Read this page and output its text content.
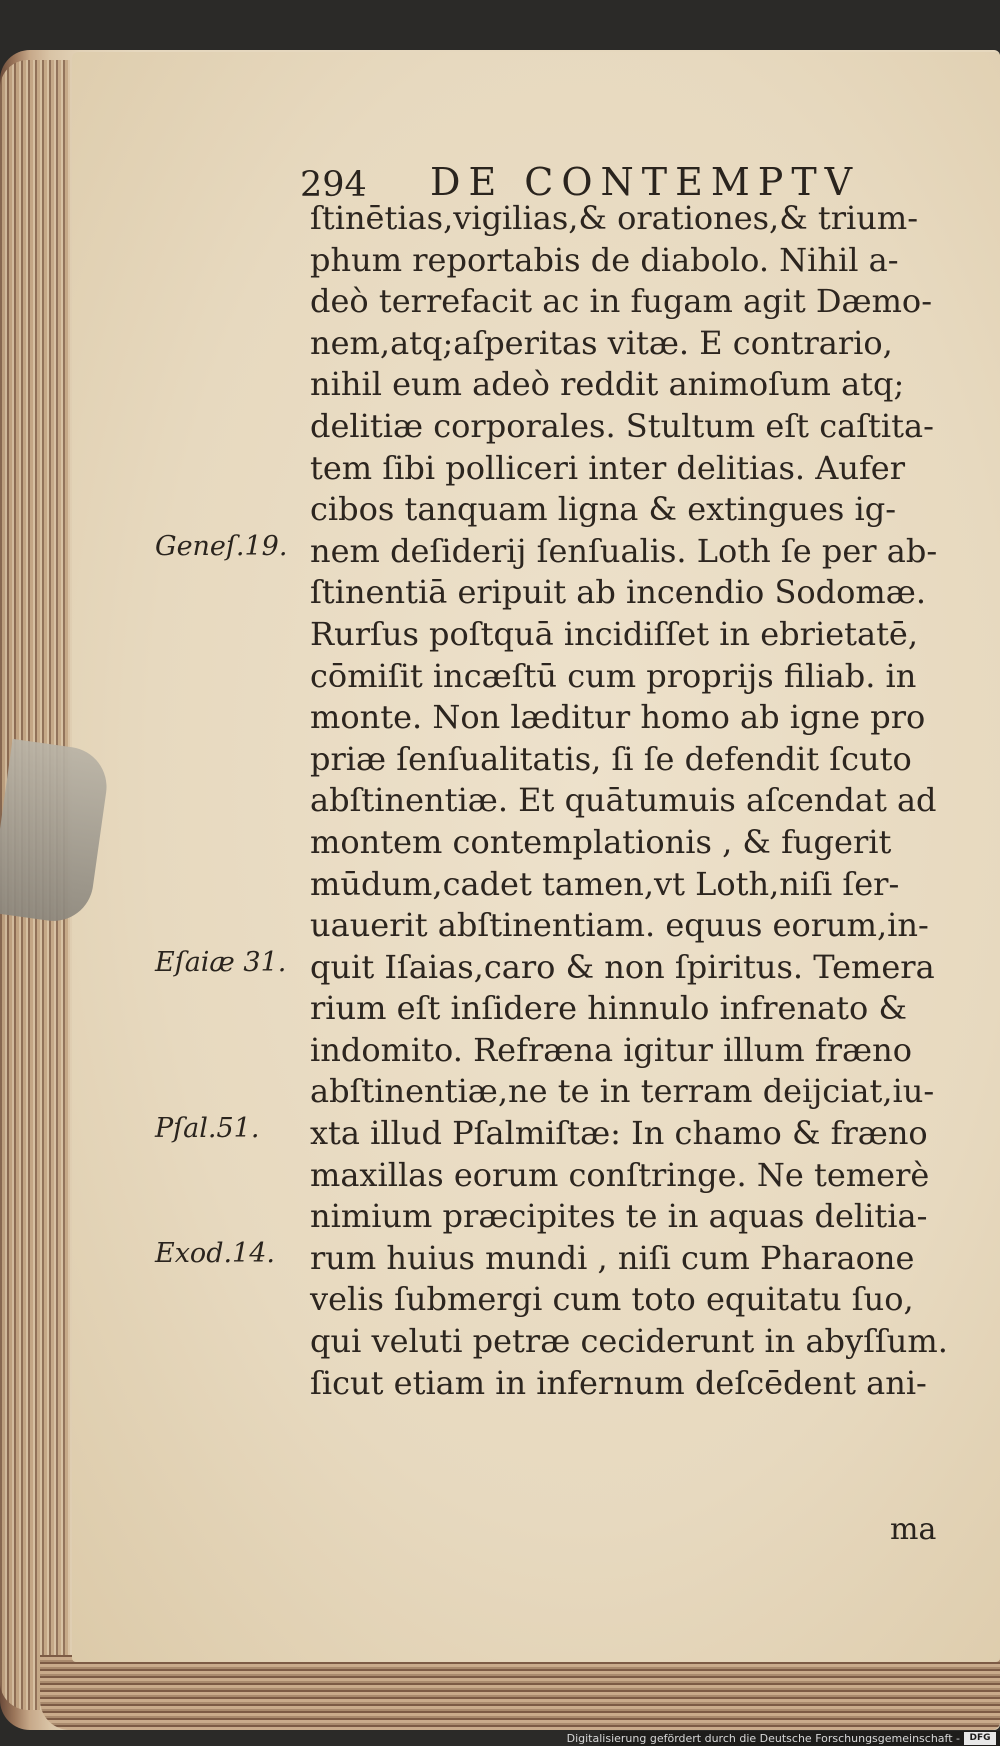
294 DE CONTEMPTV
ſtinētias,vigilias,& orationes,& trium-
phum reportabis de diabolo. Nihil a-
deò terrefacit ac in fugam agit Dæmo-
nem,atq;aſperitas vitæ. E contrario,
nihil eum adeò reddit animoſum atq;
delitiæ corporales. Stultum eſt caſtita-
tem ſibi polliceri inter delitias. Aufer
cibos tanquam ligna & extingues ig-
nem deſiderij ſenſualis. Loth ſe per ab-
ſtinentiā eripuit ab incendio Sodomæ.
Rurſus poſtquā incidiſſet in ebrietatē,
cōmiſit incæſtū cum proprijs filiab. in
monte. Non læditur homo ab igne pro
priæ ſenſualitatis, ſi ſe defendit ſcuto
abſtinentiæ. Et quātumuis aſcendat ad
montem contemplationis , & fugerit
mūdum,cadet tamen,vt Loth,niſi ſer-
uauerit abſtinentiam. equus eorum,in-
quit Iſaias,caro & non ſpiritus. Temera
rium eſt inſidere hinnulo infrenato &
indomito. Refræna igitur illum fræno
abſtinentiæ,ne te in terram deijciat,iu-
xta illud Pſalmiſtæ: In chamo & fræno
maxillas eorum conſtringe. Ne temerè
nimium præcipites te in aquas delitia-
rum huius mundi , niſi cum Pharaone
velis ſubmergi cum toto equitatu ſuo,
qui veluti petræ ceciderunt in abyſſum.
ſicut etiam in infernum deſcēdent ani-
Geneſ.19.
Eſaiæ 31.
Pſal.51.
Exod.14.
ma
Digitalisierung gefördert durch die Deutsche Forschungsgemeinschaft -	DFG
